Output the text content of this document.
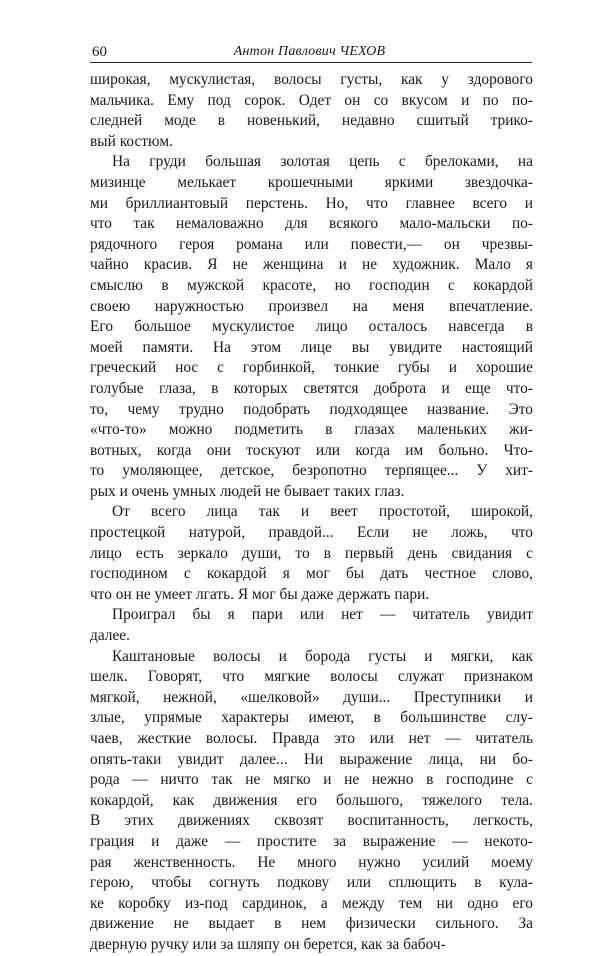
60	Антон Павлович ЧЕХОВ
широкая, мускулистая, волосы густы, как у здорового
мальчика. Ему под сорок. Одет он со вкусом и по по-
следней моде в новенький, недавно сшитый трико-
вый костюм.
На груди большая золотая цепь с брелоками, на
мизинце мелькает крошечными яркими звездочка-
ми бриллиантовый перстень. Но, что главнее всего и
что так немаловажно для всякого мало-мальски по-
рядочного героя романа или повести,— он чрезвы-
чайно красив. Я не женщина и не художник. Мало я
смыслю в мужской красоте, но господин с кокардой
своею наружностью произвел на меня впечатление.
Его большое мускулистое лицо осталось навсегда в
моей памяти. На этом лице вы увидите настоящий
греческий нос с горбинкой, тонкие губы и хорошие
голубые глаза, в которых светятся доброта и еще что-
то, чему трудно подобрать подходящее название. Это
«что-то» можно подметить в глазах маленьких жи-
вотных, когда они тоскуют или когда им больно. Что-
то умоляющее, детское, безропотно терпящее... У хит-
рых и очень умных людей не бывает таких глаз.
От всего лица так и веет простотой, широкой,
простецкой натурой, правдой... Если не ложь, что
лицо есть зеркало души, то в первый день свидания с
господином с кокардой я мог бы дать честное слово,
что он не умеет лгать. Я мог бы даже держать пари.
Проиграл бы я пари или нет — читатель увидит
далее.
Каштановые волосы и борода густы и мягки, как
шелк. Говорят, что мягкие волосы служат признаком
мягкой, нежной, «шелковой» души... Преступники и
злые, упрямые характеры имеют, в большинстве слу-
чаев, жесткие волосы. Правда это или нет — читатель
опять-таки увидит далее... Ни выражение лица, ни бо-
рода — ничто так не мягко и не нежно в господине с
кокардой, как движения его большого, тяжелого тела.
В этих движениях сквозят воспитанность, легкость,
грация и даже — простите за выражение — некото-
рая женственность. Не много нужно усилий моему
герою, чтобы согнуть подкову или сплющить в кула-
ке коробку из-под сардинок, а между тем ни одно его
движение не выдает в нем физически сильного. За
дверную ручку или за шляпу он берется, как за бабоч-
